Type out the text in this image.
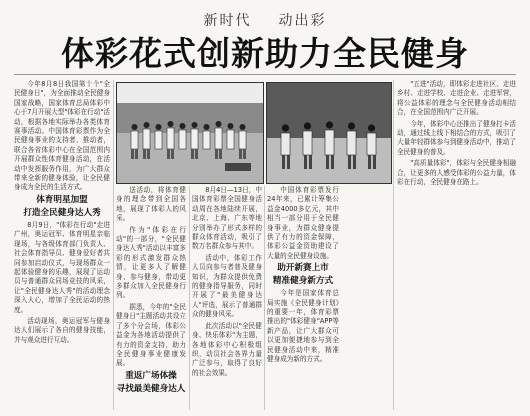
新时代 动出彩
体彩花式创新助力全民健身

今年8月8日我国第十个"全民健身日"，为全面推动全民健身国家战略，国家体育总局体彩中心于7月开展大型"体彩在行动"活动，根据各地实际举办各类体育赛事活动。中国体育彩票作为全民健身事业的支持者、推动者，联合各省体彩中心在全国范围内开展群众性体育健身活动，在活动中发挥服务作用，为广大群众带来全新的健身体验，让全民健身成为全民的生活方式。

体育明星加盟

打造全民健身达人秀

8月9日，"体彩在行动"走进广州，奥运冠军、体育明星亲临现场，与各级体育部门负责人、社会体育指导员、健身爱好者共同参加启动仪式，与现场群众一起体验健身的乐趣，展现了运动员与普通群众同场竞技的风采，让"全民健身达人秀"的活动理念深入人心，增加了全民运动的热度。

活动现场，奥运冠军与健身达人们展示了各自的健身技能，并与观众进行互动。

送活动，将体育健身的理念带到全国各地，展现了体彩人的风采。

作为"体彩在行动"的一部分，"全民健身达人秀"活动以丰富多彩的形式激发群众热情，让更多人了解健身、参与健身，带动更多群众加入全民健身行列。

据悉，今年的"全民健身日"主题活动共设立了多个分会场，体彩公益金为各地活动提供了有力的资金支持，助力全民健身事业健康发展。

重返广场体操

寻找最美健身达人

8月4日—13日，中国体育彩票全国健身活动周在各地陆续开展，北京、上海、广东等地分别举办了形式多样的群众体育活动，吸引了数万名群众参与其中。

活动中，体彩工作人员向参与者普及健身知识，为群众提供免费的健身指导服务，同时开展了"最美健身达人"评选，展示了普通群众的健身风采。

此次活动以"全民健身、快乐体彩"为主题，各地体彩中心积极组织，动员社会各界力量广泛参与，取得了良好的社会效果。

中国体育彩票发行24年来，已累计筹集公益金4000多亿元，其中相当一部分用于全民健身事业，为群众健身提供了有力的资金保障，体彩公益金资助建设了大量的全民健身设施。

助开新赛上市

精准健身新方式

今年是国家体育总局实施《全民健身计划》的重要一年，体育彩票推出的"体彩健身"APP等新产品，让广大群众可以更加便捷地参与到全民健身活动中来，精准健身成为新的方式。

"五进"活动，即体彩走进社区、走进乡村、走进学校、走进企业、走进军营，将公益体彩的理念与全民健身活动相结合，在全国范围内广泛开展。

今年，体彩中心还推出了健身打卡活动，通过线上线下相结合的方式，吸引了大量年轻群体参与到健身活动中，推动了全民健身的普及。

"高质量体彩"，体彩与全民健身相融合，让更多的人感受体彩的公益力量，体彩在行动，全民健身在路上。
